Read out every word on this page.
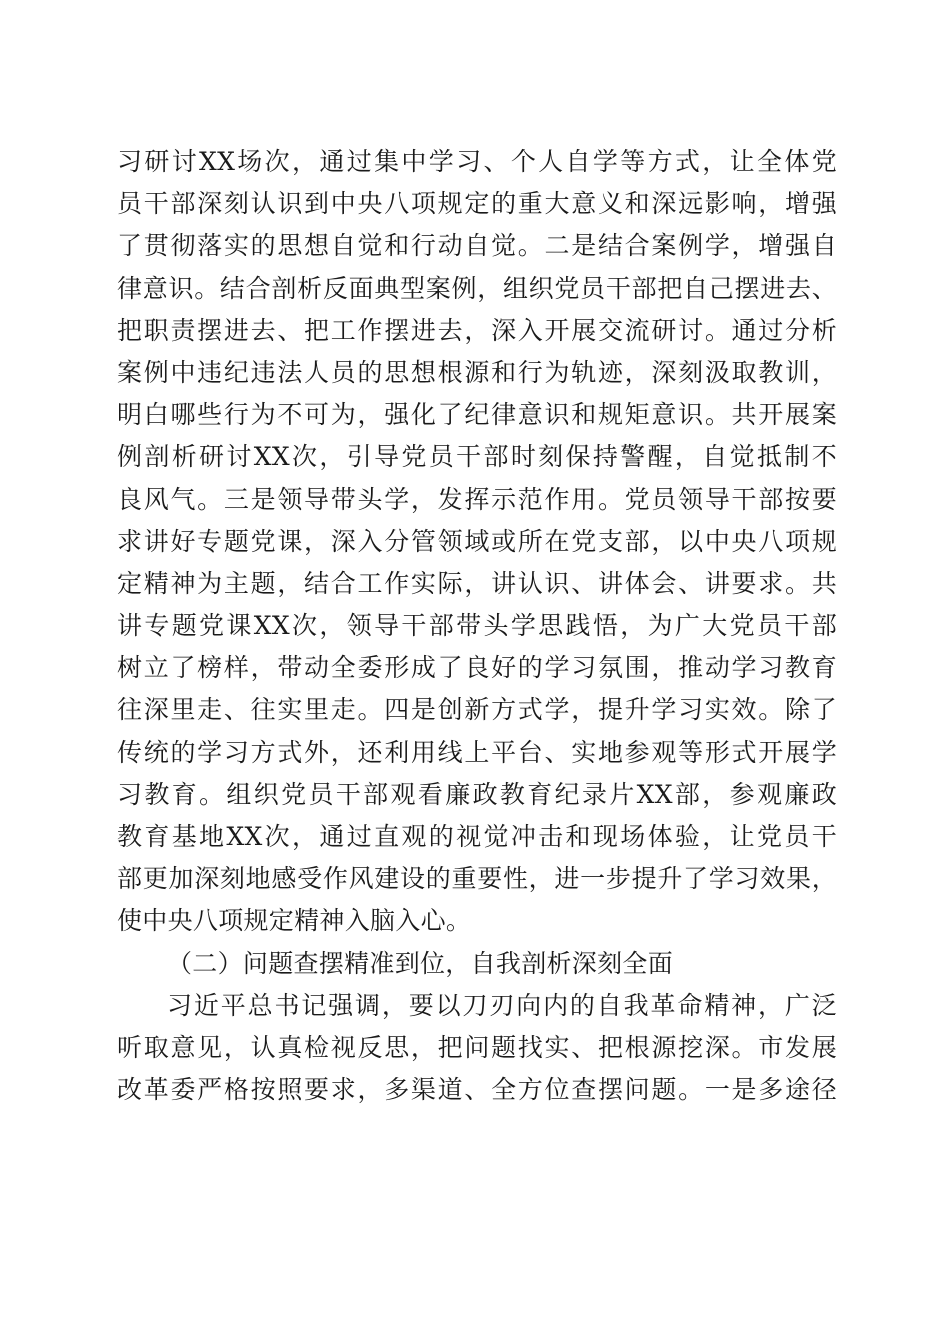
习研讨XX场次，通过集中学习、个人自学等方式，让全体党
员干部深刻认识到中央八项规定的重大意义和深远影响，增强
了贯彻落实的思想自觉和行动自觉。二是结合案例学，增强自
律意识。结合剖析反面典型案例，组织党员干部把自己摆进去、
把职责摆进去、把工作摆进去，深入开展交流研讨。通过分析
案例中违纪违法人员的思想根源和行为轨迹，深刻汲取教训，
明白哪些行为不可为，强化了纪律意识和规矩意识。共开展案
例剖析研讨XX次，引导党员干部时刻保持警醒，自觉抵制不
良风气。三是领导带头学，发挥示范作用。党员领导干部按要
求讲好专题党课，深入分管领域或所在党支部，以中央八项规
定精神为主题，结合工作实际，讲认识、讲体会、讲要求。共
讲专题党课XX次，领导干部带头学思践悟，为广大党员干部
树立了榜样，带动全委形成了良好的学习氛围，推动学习教育
往深里走、往实里走。四是创新方式学，提升学习实效。除了
传统的学习方式外，还利用线上平台、实地参观等形式开展学
习教育。组织党员干部观看廉政教育纪录片XX部，参观廉政
教育基地XX次，通过直观的视觉冲击和现场体验，让党员干
部更加深刻地感受作风建设的重要性，进一步提升了学习效果，
使中央八项规定精神入脑入心。
（二）问题查摆精准到位，自我剖析深刻全面
习近平总书记强调，要以刀刃向内的自我革命精神，广泛
听取意见，认真检视反思，把问题找实、把根源挖深。市发展
改革委严格按照要求，多渠道、全方位查摆问题。一是多途径
